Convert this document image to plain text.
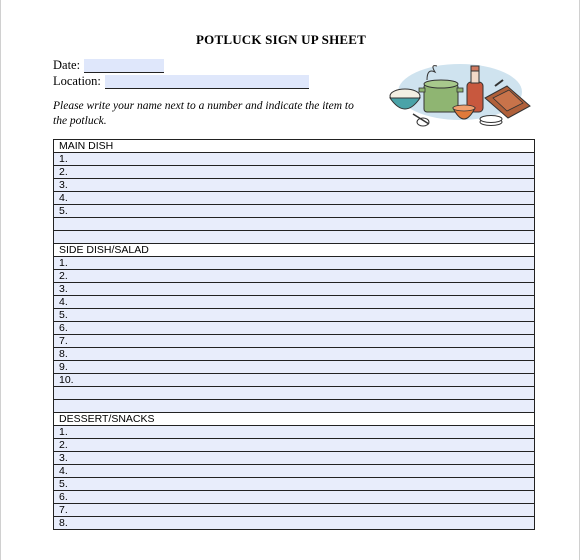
POTLUCK SIGN UP SHEET
Date:
Location:
Please write your name next to a number and indicate the item to the potluck.
MAIN DISH
1.
2.
3.
4.
5.

SIDE DISH/SALAD
1.
2.
3.
4.
5.
6.
7.
8.
9.
10.

DESSERT/SNACKS
1.
2.
3.
4.
5.
6.
7.
8.
